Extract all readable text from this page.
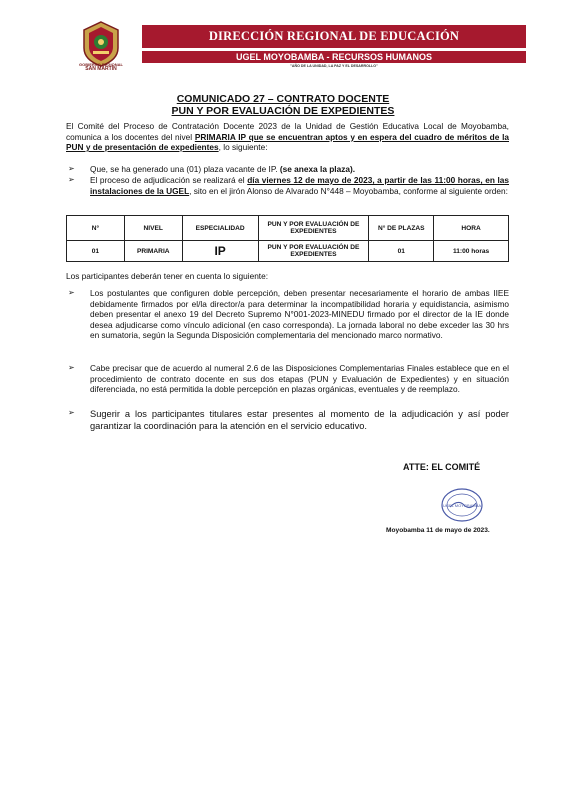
GOBIERNO REGIONAL
SAN MARTÍN
DIRECCIÓN REGIONAL DE EDUCACIÓN
UGEL MOYOBAMBA - RECURSOS HUMANOS
"AÑO DE LA UNIDAD, LA PAZ Y EL DESARROLLO"
COMUNICADO 27 – CONTRATO DOCENTE
PUN Y POR EVALUACIÓN DE EXPEDIENTES
El Comité del Proceso de Contratación Docente 2023 de la Unidad de Gestión Educativa Local de Moyobamba, comunica a los docentes del nivel PRIMARIA IP que se encuentran aptos y en espera del cuadro de méritos de la PUN y de presentación de expedientes, lo siguiente:
➢ Que, se ha generado una (01) plaza vacante de IP. (se anexa la plaza).
➢ El proceso de adjudicación se realizará el día viernes 12 de mayo de 2023, a partir de las 11:00 horas, en las instalaciones de la UGEL, sito en el jirón Alonso de Alvarado N°448 – Moyobamba, conforme al siguiente orden:
N°	NIVEL	ESPECIALIDAD	PUN Y POR EVALUACIÓN DE EXPEDIENTES	N° DE PLAZAS	HORA
01	PRIMARIA	IP	PUN Y POR EVALUACIÓN DE EXPEDIENTES	01	11:00 horas
Los participantes deberán tener en cuenta lo siguiente:
➢ Los postulantes que configuren doble percepción, deben presentar necesariamente el horario de ambas IIEE debidamente firmados por el/la director/a para determinar la incompatibilidad horaria y equidistancia, asimismo deben presentar el anexo 19 del Decreto Supremo N°001-2023-MINEDU firmado por el director de la IE donde desea adjudicarse como vínculo adicional (en caso corresponda). La jornada laboral no debe exceder las 30 hrs en sumatoria, según la Segunda Disposición complementaria del mencionado marco normativo.
➢ Cabe precisar que de acuerdo al numeral 2.6 de las Disposiciones Complementarias Finales establece que en el procedimiento de contrato docente en sus dos etapas (PUN y Evaluación de Expedientes) y en situación diferenciada, no está permitida la doble percepción en plazas orgánicas, eventuales y de reemplazo.
➢ Sugerir a los participantes titulares estar presentes al momento de la adjudicación y así poder garantizar la coordinación para la atención en el servicio educativo.
ATTE: EL COMITÉ
UGEL MOYOBAMBA
Moyobamba 11 de mayo de 2023.
